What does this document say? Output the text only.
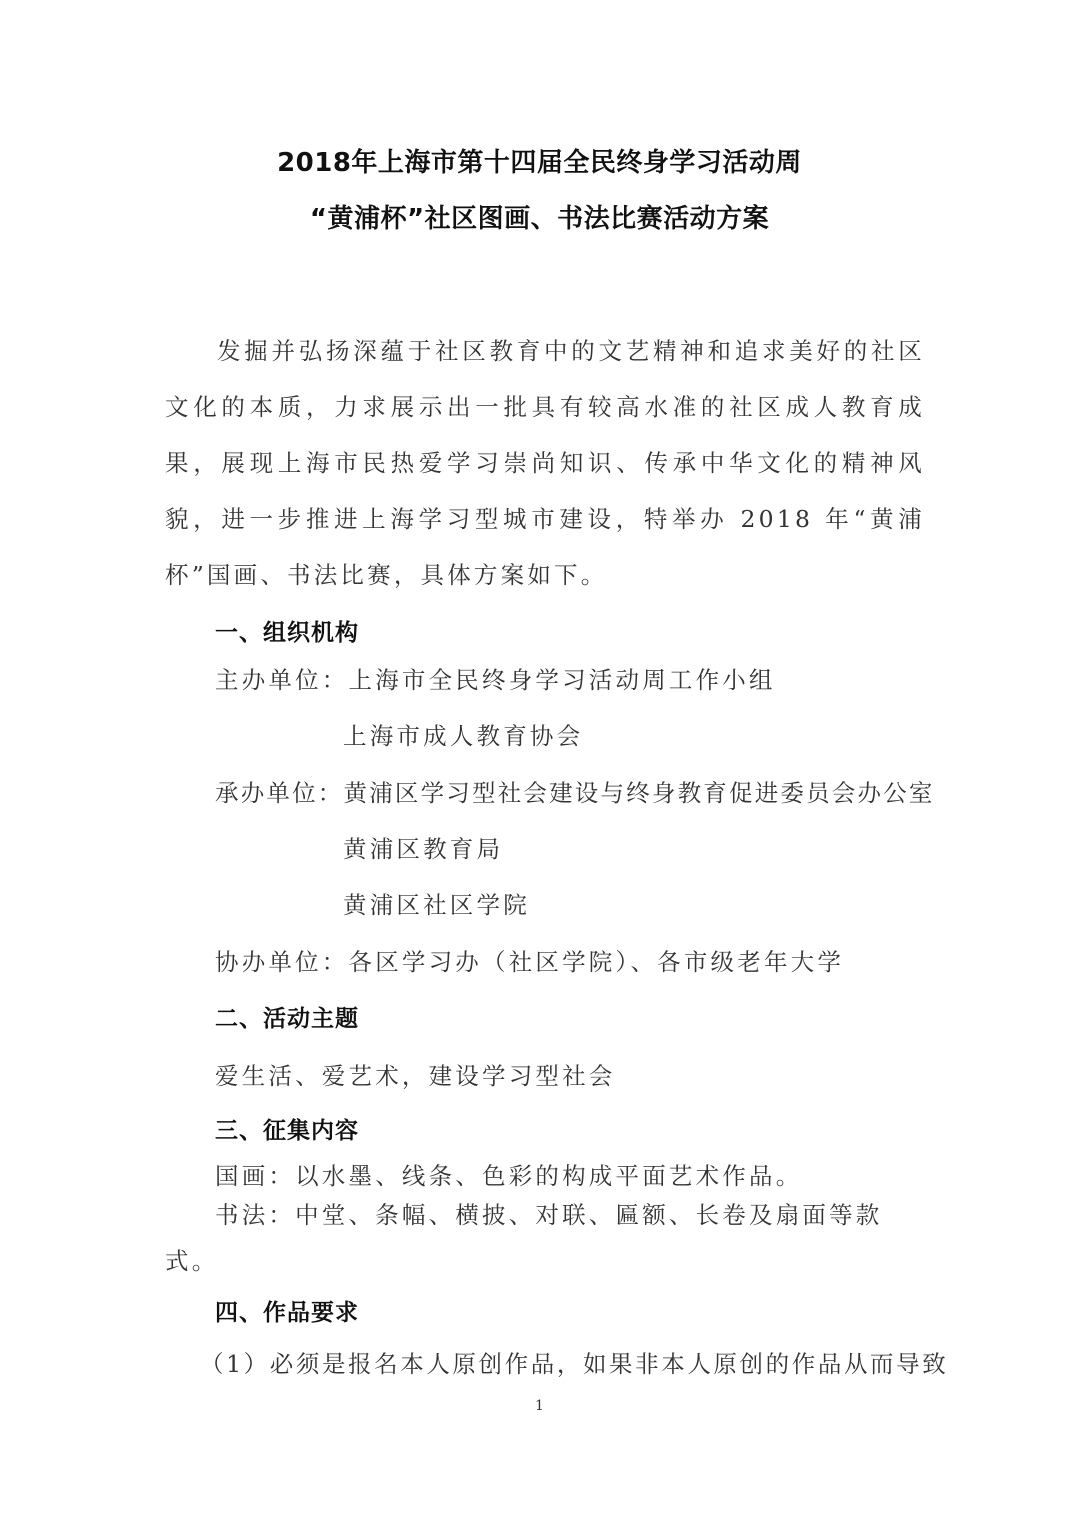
2018年上海市第十四届全民终身学习活动周
“黄浦杯”社区图画、书法比赛活动方案
发掘并弘扬深蕴于社区教育中的文艺精神和追求美好的社区文化的本质，力求展示出一批具有较高水准的社区成人教育成果，展现上海市民热爱学习崇尚知识、传承中华文化的精神风貌，进一步推进上海学习型城市建设，特举办 2018 年“黄浦杯”国画、书法比赛，具体方案如下。
一、组织机构
主办单位：上海市全民终身学习活动周工作小组
上海市成人教育协会
承办单位：黄浦区学习型社会建设与终身教育促进委员会办公室
黄浦区教育局
黄浦区社区学院
协办单位：各区学习办（社区学院）、各市级老年大学
二、活动主题
爱生活、爱艺术，建设学习型社会
三、征集内容
国画：以水墨、线条、色彩的构成平面艺术作品。
书法：中堂、条幅、横披、对联、匾额、长卷及扇面等款式。
四、作品要求
（1）必须是报名本人原创作品，如果非本人原创的作品从而导致
1
